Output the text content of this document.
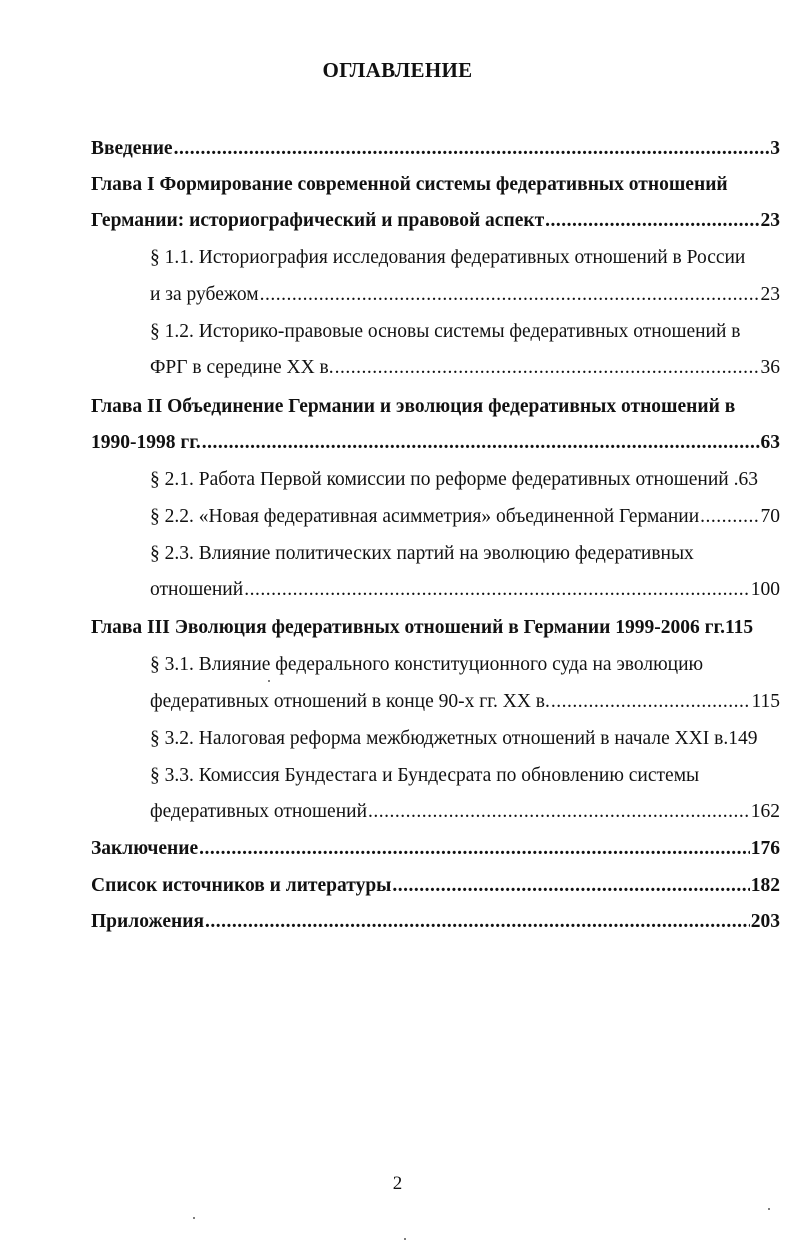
ОГЛАВЛЕНИЕ
Введение .....	3
Глава I Формирование современной системы федеративных отношений
Германии: историографический и правовой аспект .....	23
§ 1.1. Историография исследования федеративных отношений в России
и за рубежом .....	23
§ 1.2. Историко-правовые основы системы федеративных отношений в
ФРГ в середине XX в. .....	36
Глава II Объединение Германии и эволюция федеративных отношений в
1990-1998 гг. .....	63
§ 2.1. Работа Первой комиссии по реформе федеративных отношений . 63
§ 2.2. «Новая федеративная асимметрия» объединенной Германии .....	70
§ 2.3. Влияние политических партий на эволюцию федеративных
отношений .....	100
Глава III Эволюция федеративных отношений в Германии 1999-2006 гг. 115
§ 3.1. Влияние федерального конституционного суда на эволюцию
федеративных отношений в конце 90-х гг. XX в. .....	115
§ 3.2. Налоговая реформа межбюджетных отношений в начале XXI в. 149
§ 3.3. Комиссия Бундестага и Бундесрата по обновлению системы
федеративных отношений .....	162
Заключение .....	176
Список источников и литературы .....	182
Приложения .....	203
2
